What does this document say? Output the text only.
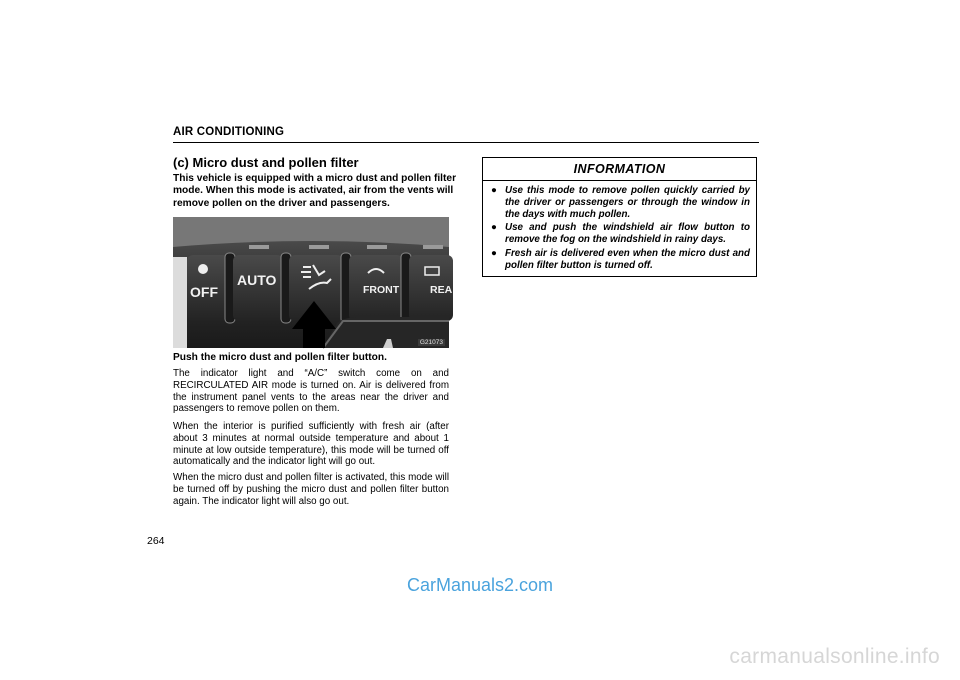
AIR CONDITIONING
(c) Micro dust and pollen filter
This vehicle is equipped with a micro dust and pollen filter mode. When this mode is activated, air from the vents will remove pollen on the driver and passengers.
OFF
AUTO
FRONT	REA
G21073
Push the micro dust and pollen filter button.
The indicator light and “A/C” switch come on and RECIRCULATED AIR mode is turned on. Air is delivered from the instrument panel vents to the areas near the driver and passengers to remove pollen on them.
When the interior is purified sufficiently with fresh air (after about 3 minutes at normal outside temperature and about 1 minute at low outside temperature), this mode will be turned off automatically and the indicator light will go out.
When the micro dust and pollen filter is activated, this mode will be turned off by pushing the micro dust and pollen filter button again. The indicator light will also go out.
INFORMATION
● Use this mode to remove pollen quickly carried by the driver or passengers or through the window in the days with much pollen.
● Use and push the windshield air flow button to remove the fog on the windshield in rainy days.
● Fresh air is delivered even when the micro dust and pollen filter button is turned off.
264
CarManuals2.com
carmanualsonline.info
